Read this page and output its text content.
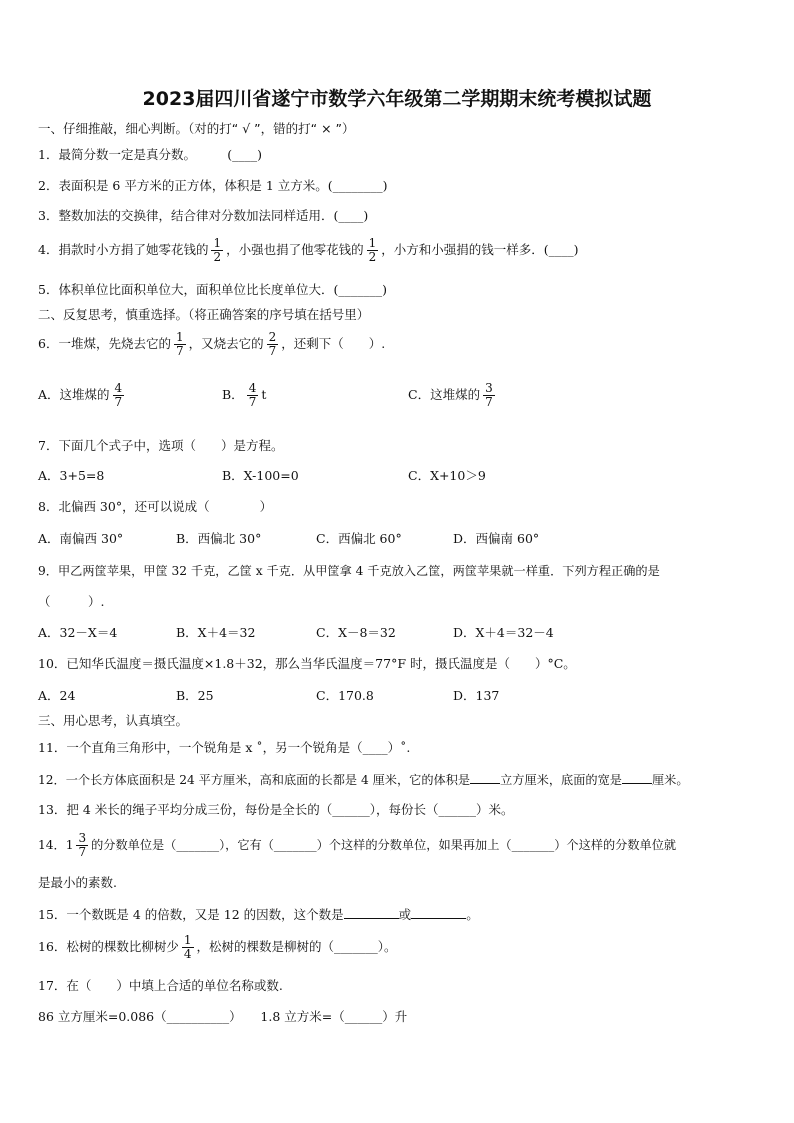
2023届四川省遂宁市数学六年级第二学期期末统考模拟试题
一、仔细推敲，细心判断。（对的打“ √ ”，错的打“ × ”）
1．最简分数一定是真分数。　　　(____)
2．表面积是 6 平方米的正方体，体积是 1 立方米。(________)
3．整数加法的交换律，结合律对分数加法同样适用．(____)
4．捐款时小方捐了她零花钱的 $\frac{1}{2}$ ，小强也捐了他零花钱的 $\frac{1}{2}$ ，小方和小强捐的钱一样多．(____)
5．体积单位比面积单位大，面积单位比长度单位大．(_______)
二、反复思考，慎重选择。（将正确答案的序号填在括号里）
6．一堆煤，先烧去它的 $\frac{1}{7}$ ，又烧去它的 $\frac{2}{7}$ ，还剩下（　　）.
A．这堆煤的 $\frac{4}{7}$	B． $\frac{4}{7}$ t	C．这堆煤的 $\frac{3}{7}$
7．下面几个式子中，选项（　　）是方程。
A．3+5=8	B．X-100=0	C．X+10＞9
8．北偏西 30°，还可以说成（　　　　）
A．南偏西 30°	B．西偏北 30°	C．西偏北 60°	D．西偏南 60°
9．甲乙两筐苹果，甲筐 32 千克，乙筐 x 千克．从甲筐拿 4 千克放入乙筐，两筐苹果就一样重．下列方程正确的是
（　　　）.
A．32－X＝4	B．X＋4＝32	C．X－8＝32	D．X＋4＝32－4
10．已知华氏温度＝摄氏温度×1.8＋32，那么当华氏温度＝77°F 时，摄氏温度是（　　）°C。
A．24	B．25	C．170.8	D．137
三、用心思考，认真填空。
11．一个直角三角形中，一个锐角是 x ˚，另一个锐角是（____）˚.
12．一个长方体底面积是 24 平方厘米，高和底面的长都是 4 厘米，它的体积是 立方厘米，底面的宽是 厘米。
13．把 4 米长的绳子平均分成三份，每份是全长的（______），每份长（______）米。
14．$1 \frac{3}{7}$ 的分数单位是（_______），它有（_______）个这样的分数单位，如果再加上（_______）个这样的分数单位就
是最小的素数.
15．一个数既是 4 的倍数，又是 12 的因数，这个数是	或	。
16．松树的棵数比柳树少 $\frac{1}{4}$ ，松树的棵数是柳树的（_______）。
17．在（　　）中填上合适的单位名称或数.
86 立方厘米=0.086（__________）　　1.8 立方米=（______）升
